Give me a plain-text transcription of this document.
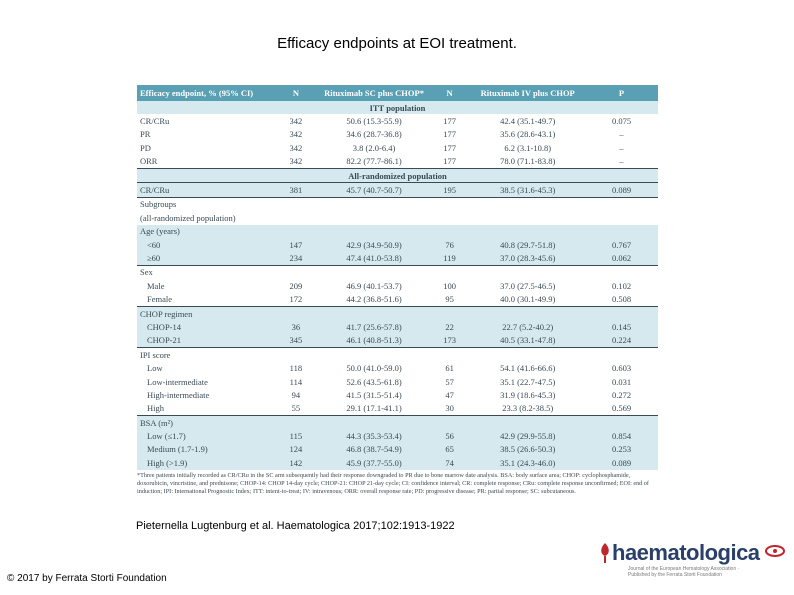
Efficacy endpoints at EOI treatment.
Efficacy endpoint, % (95% CI)	N	Rituximab SC plus CHOP*	N	Rituximab IV plus CHOP	P
ITT population					
CR/CRu	342	50.6 (15.3-55.9)	177	42.4 (35.1-49.7)	0.075
PR	342	34.6 (28.7-36.8)	177	35.6 (28.6-43.1)	–
PD	342	3.8 (2.0-6.4)	177	6.2 (3.1-10.8)	–
ORR	342	82.2 (77.7-86.1)	177	78.0 (71.1-83.8)	–
All-randomized population					
CR/CRu	381	45.7 (40.7-50.7)	195	38.5 (31.6-45.3)	0.089
Subgroups					
(all-randomized population)					
Age (years)					
<60	147	42.9 (34.9-50.9)	76	40.8 (29.7-51.8)	0.767
≥60	234	47.4 (41.0-53.8)	119	37.0 (28.3-45.6)	0.062
Sex					
Male	209	46.9 (40.1-53.7)	100	37.0 (27.5-46.5)	0.102
Female	172	44.2 (36.8-51.6)	95	40.0 (30.1-49.9)	0.508
CHOP regimen					
CHOP-14	36	41.7 (25.6-57.8)	22	22.7 (5.2-40.2)	0.145
CHOP-21	345	46.1 (40.8-51.3)	173	40.5 (33.1-47.8)	0.224
IPI score					
Low	118	50.0 (41.0-59.0)	61	54.1 (41.6-66.6)	0.603
Low-intermediate	114	52.6 (43.5-61.8)	57	35.1 (22.7-47.5)	0.031
High-intermediate	94	41.5 (31.5-51.4)	47	31.9 (18.6-45.3)	0.272
High	55	29.1 (17.1-41.1)	30	23.3 (8.2-38.5)	0.569
BSA (m²)					
Low (≤1.7)	115	44.3 (35.3-53.4)	56	42.9 (29.9-55.8)	0.854
Medium (1.7-1.9)	124	46.8 (38.7-54.9)	65	38.5 (26.6-50.3)	0.253
High (>1.9)	142	45.9 (37.7-55.0)	74	35.1 (24.3-46.0)	0.089
*Three patients initially recorded as CR/CRu in the SC arm subsequently had their response downgraded to PR due to bone marrow date analysis. BSA: body surface area; CHOP: cyclophosphamide, doxorubicin, vincristine, and prednisone; CHOP-14: CHOP 14-day cycle; CHOP-21: CHOP 21-day cycle; CI: confidence interval; CR: complete response; CRu: complete response unconfirmed; EOI: end of induction; IPI: International Prognostic Index; ITT: intent-to-treat; IV: intravenous; ORR: overall response rate; PD: progressive disease; PR: partial response; SC: subcutaneous.
Pieternella Lugtenburg et al. Haematologica 2017;102:1913-1922
© 2017 by Ferrata Storti Foundation
haematologica
Journal of the European Hematology Association · Published by the Ferrata Storti Foundation
